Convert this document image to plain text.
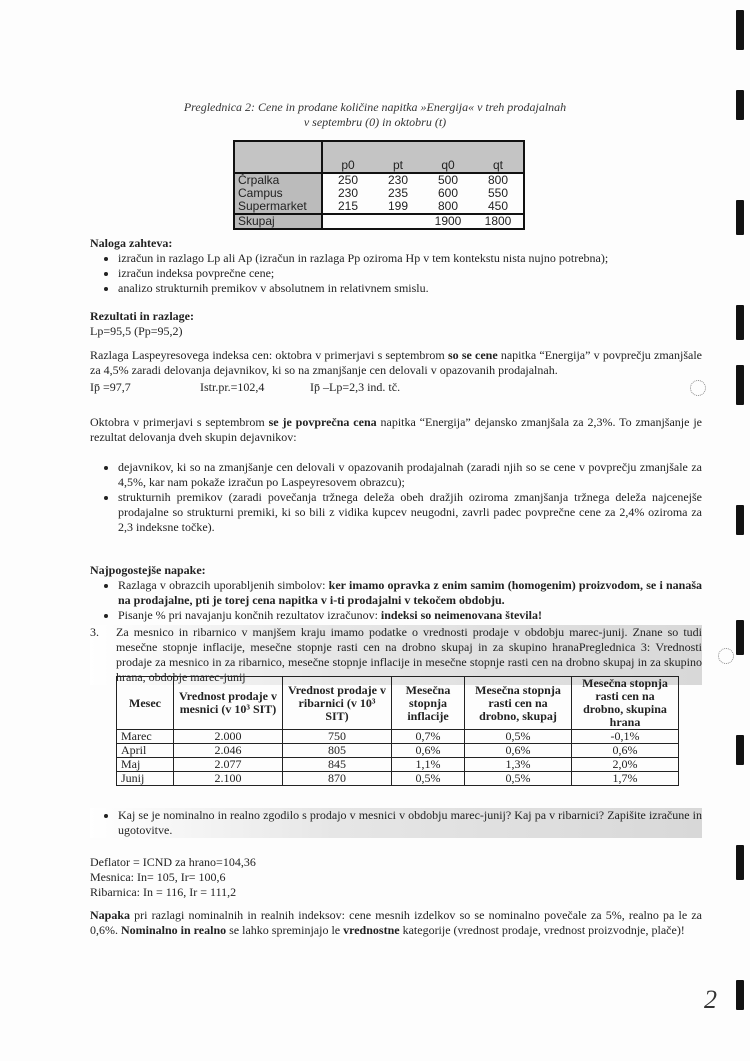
Preglednica 2: Cene in prodane količine napitka »Energija« v treh prodajalnah
v septembru (0) in oktobru (t)
	p0	pt	q0	qt
Črpalka	250	230	500	800
Campus	230	235	600	550
Supermarket	215	199	800	450
Skupaj			1900	1800
Naloga zahteva:
• izračun in razlago Lp ali Ap (izračun in razlaga Pp oziroma Hp v tem kontekstu nista nujno potrebna);
• izračun indeksa povprečne cene;
• analizo strukturnih premikov v absolutnem in relativnem smislu.
Rezultati in razlage:
Lp=95,5 (Pp=95,2)
Razlaga Laspeyresovega indeksa cen: oktobra v primerjavi s septembrom so se cene napitka “Energija” v povprečju zmanjšale za 4,5% zaradi delovanja dejavnikov, ki so na zmanjšanje cen delovali v opazovanih prodajalnah.
Ip̄ =97,7	Istr.pr.=102,4	Ip̄ –Lp=2,3 ind. tč.
Oktobra v primerjavi s septembrom se je povprečna cena napitka “Energija” dejansko zmanjšala za 2,3%. To zmanjšanje je rezultat delovanja dveh skupin dejavnikov:
• dejavnikov, ki so na zmanjšanje cen delovali v opazovanih prodajalnah (zaradi njih so se cene v povprečju zmanjšale za 4,5%, kar nam pokaže izračun po Laspeyresovem obrazcu);
• strukturnih premikov (zaradi povečanja tržnega deleža obeh dražjih oziroma zmanjšanja tržnega deleža najcenejše prodajalne so strukturni premiki, ki so bili z vidika kupcev neugodni, zavrli padec povprečne cene za 2,4% oziroma za 2,3 indeksne točke).
Najpogostejše napake:
• Razlaga v obrazcih uporabljenih simbolov: ker imamo opravka z enim samim (homogenim) proizvodom, se i nanaša na prodajalne, pti je torej cena napitka v i-ti prodajalni v tekočem obdobju.
• Pisanje % pri navajanju končnih rezultatov izračunov: indeksi so neimenovana števila!
3.	Za mesnico in ribarnico v manjšem kraju imamo podatke o vrednosti prodaje v obdobju marec-junij. Znane so tudi mesečne stopnje inflacije, mesečne stopnje rasti cen na drobno skupaj in za skupino hranaPreglednica 3: Vrednosti prodaje za mesnico in za ribarnico, mesečne stopnje inflacije in mesečne stopnje rasti cen na drobno skupaj in za skupino hrana, obdobje marec-junij
Mesec	Vrednost prodaje v mesnici (v 10³ SIT)	Vrednost prodaje v ribarnici (v 10³ SIT)	Mesečna stopnja inflacije	Mesečna stopnja rasti cen na drobno, skupaj	Mesečna stopnja rasti cen na drobno, skupina hrana
Marec	2.000	750	0,7%	0,5%	-0,1%
April	2.046	805	0,6%	0,6%	0,6%
Maj	2.077	845	1,1%	1,3%	2,0%
Junij	2.100	870	0,5%	0,5%	1,7%
• Kaj se je nominalno in realno zgodilo s prodajo v mesnici v obdobju marec-junij? Kaj pa v ribarnici? Zapišite izračune in ugotovitve.
Deflator = ICND za hrano=104,36
Mesnica: In= 105, Ir= 100,6
Ribarnica: In = 116, Ir = 111,2
Napaka pri razlagi nominalnih in realnih indeksov: cene mesnih izdelkov so se nominalno povečale za 5%, realno pa le za 0,6%. Nominalno in realno se lahko spreminjajo le vrednostne kategorije (vrednost prodaje, vrednost proizvodnje, plače)!
2
